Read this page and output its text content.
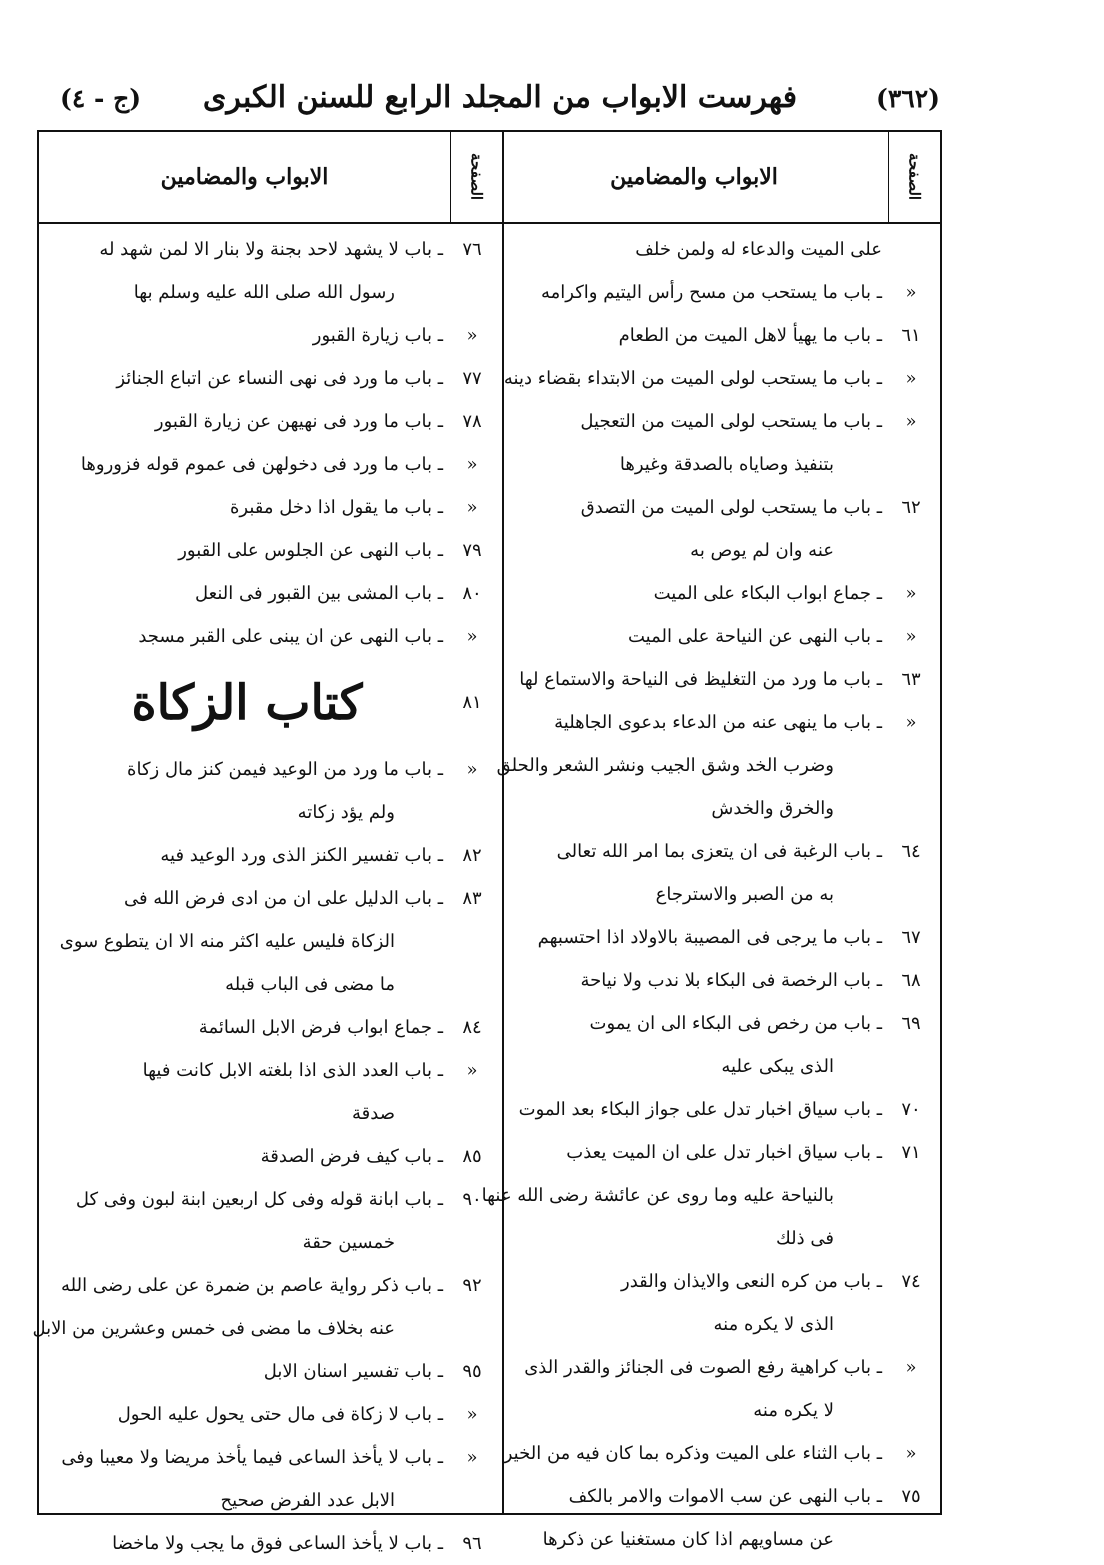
(٣٦٢)
فهرست الابواب من المجلد الرابع للسنن الكبرى
(ج - ٤)
الصفحة
الابواب والمضامين
الصفحة
الابواب والمضامين
على الميت والدعاء له ولمن خلف
«
ـ باب ما يستحب من مسح رأس اليتيم واكرامه
٦١
ـ باب ما يهيأ لاهل الميت من الطعام
«
ـ باب ما يستحب لولى الميت من الابتداء بقضاء دينه
«
ـ باب ما يستحب لولى الميت من التعجيل
بتنفيذ وصاياه بالصدقة وغيرها
٦٢
ـ باب ما يستحب لولى الميت من التصدق
عنه وان لم يوص به
«
ـ جماع ابواب البكاء على الميت
«
ـ باب النهى عن النياحة على الميت
٦٣
ـ باب ما ورد من التغليظ فى النياحة والاستماع لها
«
ـ باب ما ينهى عنه من الدعاء بدعوى الجاهلية
وضرب الخد وشق الجيب ونشر الشعر والحلق
والخرق والخدش
٦٤
ـ باب الرغبة فى ان يتعزى بما امر الله تعالى
به من الصبر والاسترجاع
٦٧
ـ باب ما يرجى فى المصيبة بالاولاد اذا احتسبهم
٦٨
ـ باب الرخصة فى البكاء بلا ندب ولا نياحة
٦٩
ـ باب من رخص فى البكاء الى ان يموت
الذى يبكى عليه
٧٠
ـ باب سياق اخبار تدل على جواز البكاء بعد الموت
٧١
ـ باب سياق اخبار تدل على ان الميت يعذب
بالنياحة عليه وما روى عن عائشة رضى الله عنها
فى ذلك
٧٤
ـ باب من كره النعى والايذان والقدر
الذى لا يكره منه
«
ـ باب كراهية رفع الصوت فى الجنائز والقدر الذى
لا يكره منه
«
ـ باب الثناء على الميت وذكره بما كان فيه من الخير
٧٥
ـ باب النهى عن سب الاموات والامر بالكف
عن مساويهم اذا كان مستغنيا عن ذكرها
٧٦
ـ باب لا يشهد لاحد بجنة ولا بنار الا لمن شهد له
رسول الله صلى الله عليه وسلم بها
«
ـ باب زيارة القبور
٧٧
ـ باب ما ورد فى نهى النساء عن اتباع الجنائز
٧٨
ـ باب ما ورد فى نهيهن عن زيارة القبور
«
ـ باب ما ورد فى دخولهن فى عموم قوله فزوروها
«
ـ باب ما يقول اذا دخل مقبرة
٧٩
ـ باب النهى عن الجلوس على القبور
٨٠
ـ باب المشى بين القبور فى النعل
«
ـ باب النهى عن ان يبنى على القبر مسجد
٨١
كتاب الزكاة
«
ـ باب ما ورد من الوعيد فيمن كنز مال زكاة
ولم يؤد زكاته
٨٢
ـ باب تفسير الكنز الذى ورد الوعيد فيه
٨٣
ـ باب الدليل على ان من ادى فرض الله فى
الزكاة فليس عليه اكثر منه الا ان يتطوع سوى
ما مضى فى الباب قبله
٨٤
ـ جماع ابواب فرض الابل السائمة
«
ـ باب العدد الذى اذا بلغته الابل كانت فيها
صدقة
٨٥
ـ باب كيف فرض الصدقة
٩٠
ـ باب ابانة قوله وفى كل اربعين ابنة لبون وفى كل
خمسين حقة
٩٢
ـ باب ذكر رواية عاصم بن ضمرة عن على رضى الله
عنه بخلاف ما مضى فى خمس وعشرين من الابل
٩٥
ـ باب تفسير اسنان الابل
«
ـ باب لا زكاة فى مال حتى يحول عليه الحول
«
ـ باب لا يأخذ الساعى فيما يأخذ مريضا ولا معيبا وفى
الابل عدد الفرض صحيح
٩٦
ـ باب لا يأخذ الساعى فوق ما يجب ولا ماخضا
